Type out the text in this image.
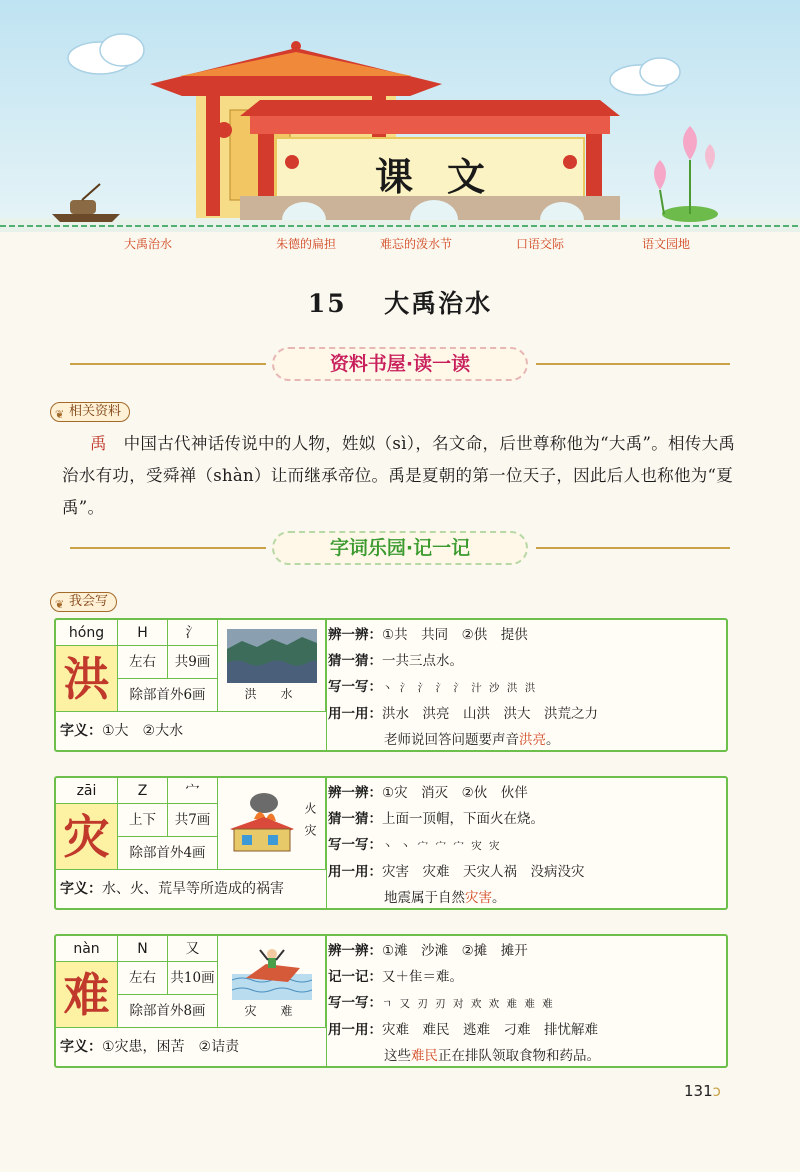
课文
大禹治水	朱德的扁担	难忘的泼水节	口语交际	语文园地
15 大禹治水
资料书屋·读一读
❦ 相关资料

禹　 中国古代神话传说中的人物，姓姒（sì），名文命，后世尊称他为“大禹”。相传大禹治水有功，受舜禅（shàn）让而继承帝位。禹是夏朝的第一位天子，因此后人也称他为“夏禹”。

字词乐园·记一记
❦ 我会写
hóng	H	氵
洪	左右	共9画
除部首外6画	洪　水
字义：①大　②大水
辨一辨：①共　共同　②供　提供
猜一猜：一共三点水。
写一写：丶 氵 氵 氵 氵 汁 沙 洪 洪
用一用：洪水　洪亮　山洪　洪大　洪荒之力
老师说回答问题要声音洪亮。
zāi	Z	宀
灾	上下	共7画
除部首外4画
火灾
字义：水、火、荒旱等所造成的祸害
辨一辨：①灾　消灭　②伙　伙伴
猜一猜：上面一顶帽，下面火在烧。
写一写：丶 丶 宀 宀 宀 灾 灾
用一用：灾害　灾难　天灾人祸　没病没灾
地震属于自然灾害。
nàn	N	又
难	左右	共10画
除部首外8画	灾　难
字义：①灾患，困苦　②诘责
辨一辨：①滩　沙滩　②摊　摊开
记一记：又＋隹＝难。
写一写：ㄱ 又 刃 刃 对 欢 欢 难 难 难
用一用：灾难　难民　逃难　刁难　排忧解难
这些难民正在排队领取食物和药品。
131ↄ
